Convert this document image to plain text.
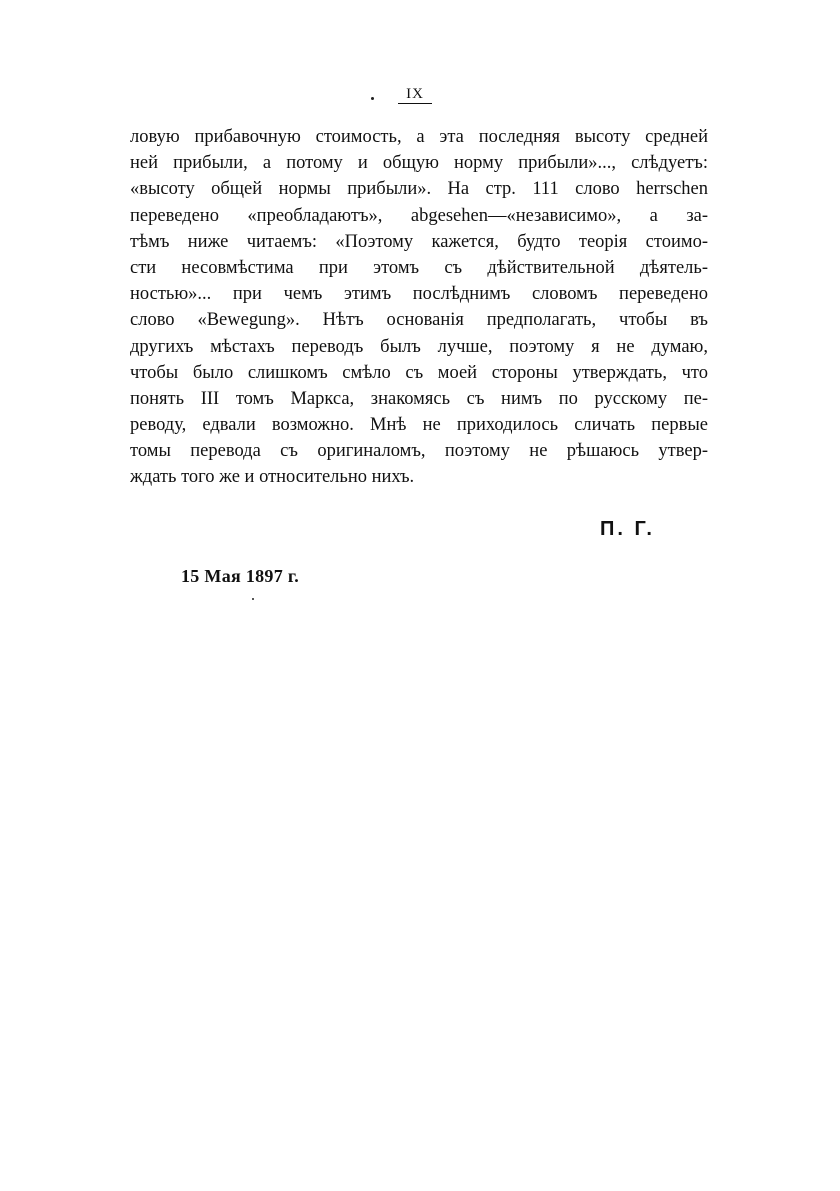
IX
ловую прибавочную стоимость, а эта последняя высоту средней
ней прибыли, а потому и общую норму прибыли»..., слѣдуетъ:
«высоту общей нормы прибыли». На стр. 111 слово herrschen
переведено «преобладаютъ», abgesehen—«независимо», а за-
тѣмъ ниже читаемъ: «Поэтому кажется, будто теорія стоимо-
сти несовмѣстима при этомъ съ дѣйствительной дѣятель-
ностью»... при чемъ этимъ послѣднимъ словомъ переведено
слово «Bewegung». Нѣтъ основанія предполагать, чтобы въ
другихъ мѣстахъ переводъ былъ лучше, поэтому я не думаю,
чтобы было слишкомъ смѣло съ моей стороны утверждать, что
понять III томъ Маркса, знакомясь съ нимъ по русскому пе-
реводу, едвали возможно. Мнѣ не приходилось сличать первые
томы перевода съ оригиналомъ, поэтому не рѣшаюсь утвер-
ждать того же и относительно нихъ.
П. Г.
15 Мая 1897 г.
